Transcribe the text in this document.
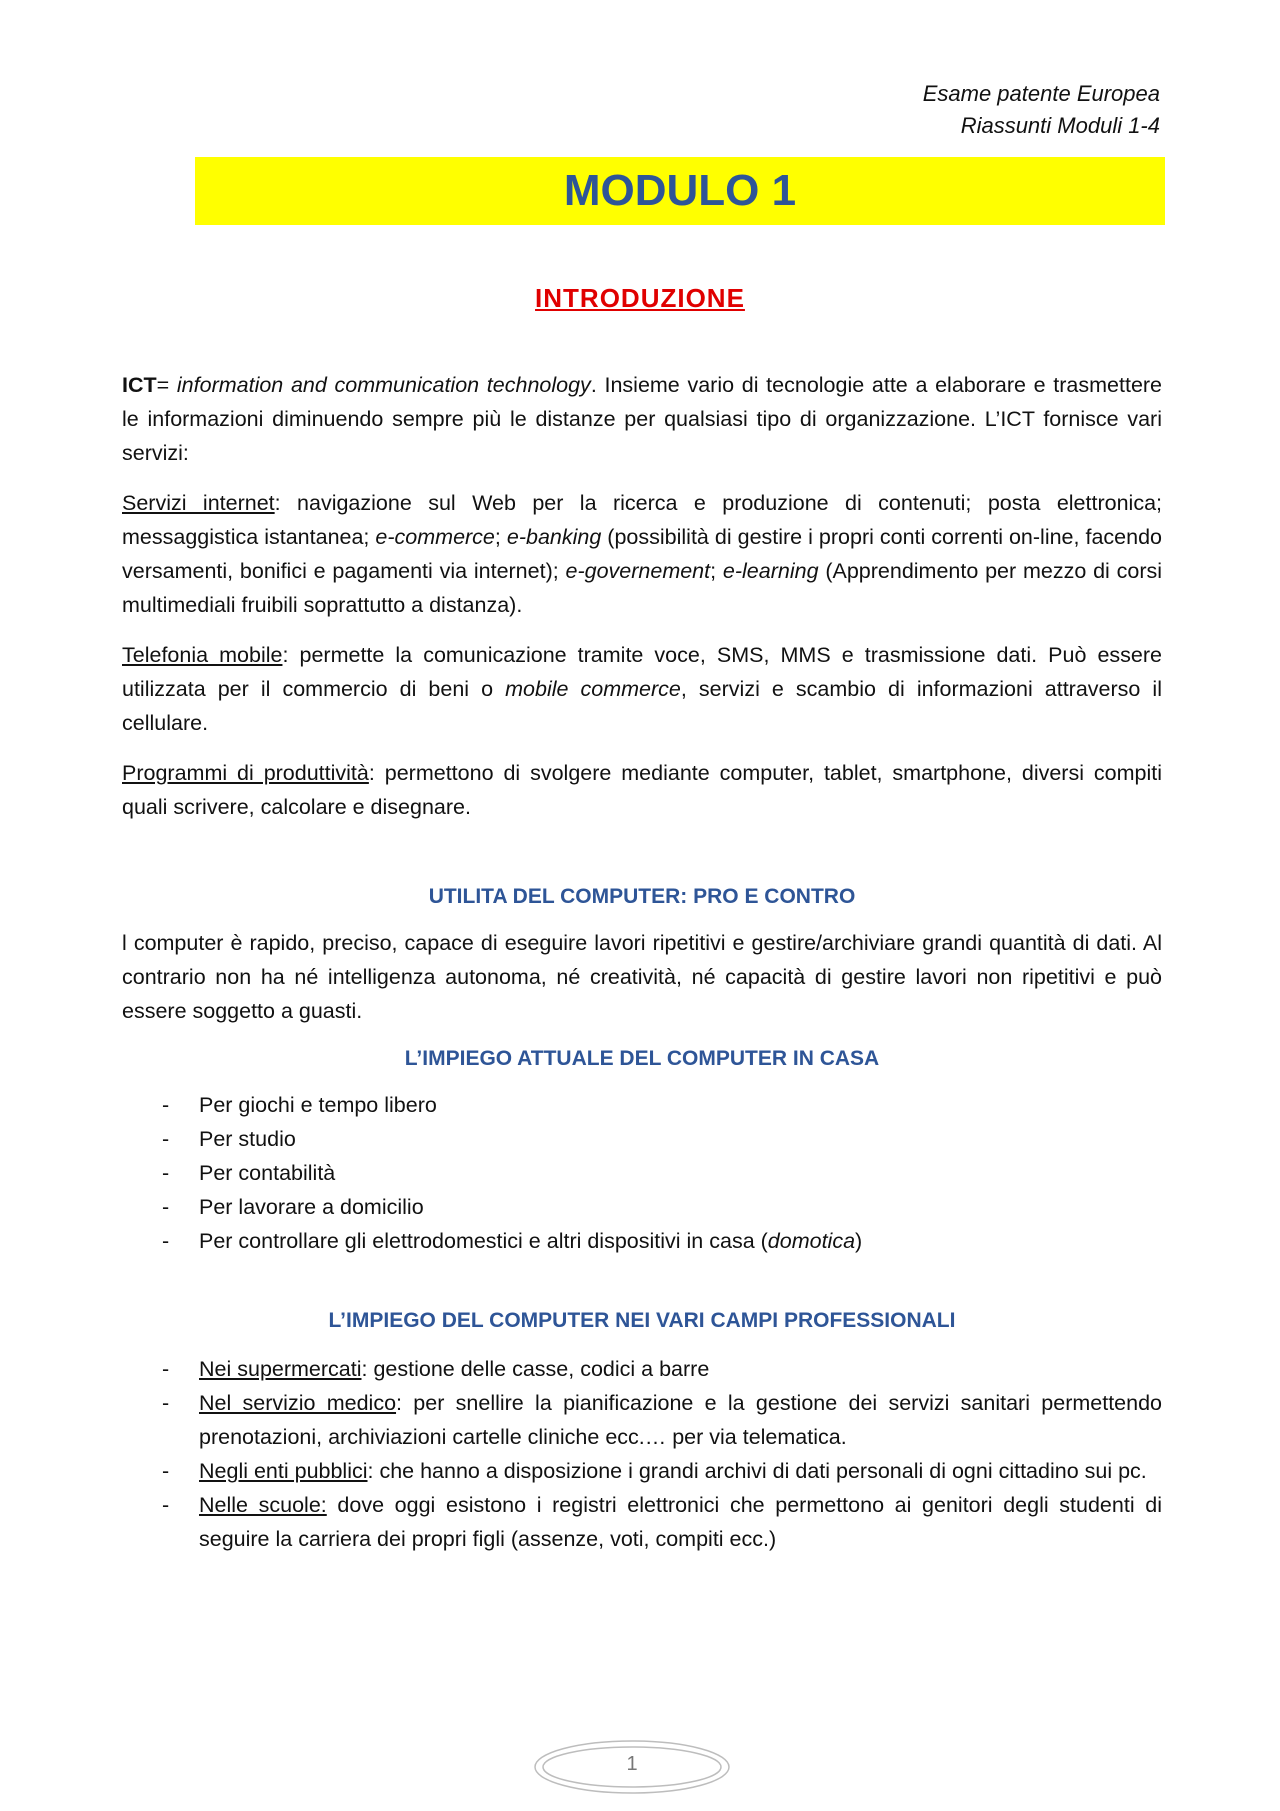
Esame patente Europea
Riassunti Moduli 1-4
MODULO 1
INTRODUZIONE

ICT= information and communication technology. Insieme vario di tecnologie atte a elaborare e trasmettere le informazioni diminuendo sempre più le distanze per qualsiasi tipo di organizzazione. L’ICT fornisce vari servizi:

Servizi internet: navigazione sul Web per la ricerca e produzione di contenuti; posta elettronica; messaggistica istantanea; e-commerce; e-banking (possibilità di gestire i propri conti correnti on-line, facendo versamenti, bonifici e pagamenti via internet); e-governement; e-learning (Apprendimento per mezzo di corsi multimediali fruibili soprattutto a distanza).

Telefonia mobile: permette la comunicazione tramite voce, SMS, MMS e trasmissione dati. Può essere utilizzata per il commercio di beni o mobile commerce, servizi e scambio di informazioni attraverso il cellulare.

Programmi di produttività: permettono di svolgere mediante computer, tablet, smartphone, diversi compiti quali scrivere, calcolare e disegnare.

UTILITA DEL COMPUTER: PRO E CONTRO

l computer è rapido, preciso, capace di eseguire lavori ripetitivi e gestire/archiviare grandi quantità di dati. Al contrario non ha né intelligenza autonoma, né creatività, né capacità di gestire lavori non ripetitivi e può essere soggetto a guasti.

L’IMPIEGO ATTUALE DEL COMPUTER IN CASA
- Per giochi e tempo libero
- Per studio
- Per contabilità
- Per lavorare a domicilio
- Per controllare gli elettrodomestici e altri dispositivi in casa (domotica)
L’IMPIEGO DEL COMPUTER NEI VARI CAMPI PROFESSIONALI
- Nei supermercati: gestione delle casse, codici a barre
- Nel servizio medico: per snellire la pianificazione e la gestione dei servizi sanitari permettendo prenotazioni, archiviazioni cartelle cliniche ecc.… per via telematica.
- Negli enti pubblici: che hanno a disposizione i grandi archivi di dati personali di ogni cittadino sui pc.
- Nelle scuole: dove oggi esistono i registri elettronici che permettono ai genitori degli studenti di seguire la carriera dei propri figli (assenze, voti, compiti ecc.)
1
